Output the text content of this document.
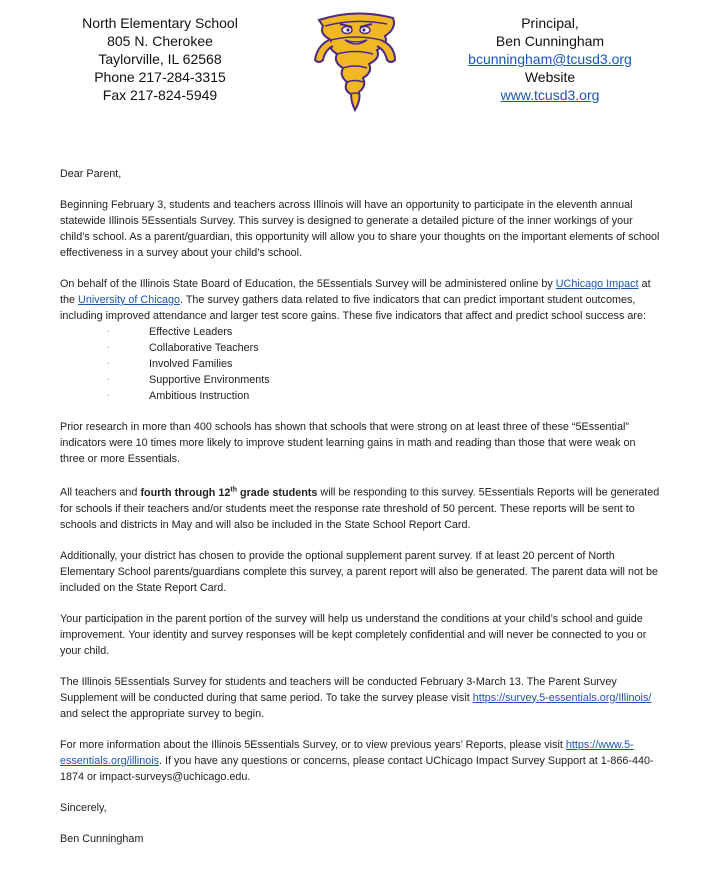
North Elementary School
805 N. Cherokee
Taylorville, IL 62568
Phone 217-284-3315
Fax 217-824-5949
Principal,
Ben Cunningham
bcunningham@tcusd3.org
Website
www.tcusd3.org

Dear Parent,

Beginning February 3, students and teachers across Illinois will have an opportunity to participate in the eleventh annual statewide Illinois 5Essentials Survey. This survey is designed to generate a detailed picture of the inner workings of your child’s school. As a parent/guardian, this opportunity will allow you to share your thoughts on the important elements of school effectiveness in a survey about your child’s school.

On behalf of the Illinois State Board of Education, the 5Essentials Survey will be administered online by UChicago Impact at the University of Chicago. The survey gathers data related to five indicators that can predict important student outcomes, including improved attendance and larger test score gains. These five indicators that affect and predict school success are:

·	Effective Leaders
·	Collaborative Teachers
·	Involved Families
·	Supportive Environments
·	Ambitious Instruction

Prior research in more than 400 schools has shown that schools that were strong on at least three of these “5Essential” indicators were 10 times more likely to improve student learning gains in math and reading than those that were weak on three or more Essentials.

All teachers and fourth through 12th grade students will be responding to this survey. 5Essentials Reports will be generated for schools if their teachers and/or students meet the response rate threshold of 50 percent. These reports will be sent to schools and districts in May and will also be included in the State School Report Card.

Additionally, your district has chosen to provide the optional supplement parent survey. If at least 20 percent of North Elementary School parents/guardians complete this survey, a parent report will also be generated. The parent data will not be included on the State Report Card.

Your participation in the parent portion of the survey will help us understand the conditions at your child’s school and guide improvement. Your identity and survey responses will be kept completely confidential and will never be connected to you or your child.

The Illinois 5Essentials Survey for students and teachers will be conducted February 3-March 13. The Parent Survey Supplement will be conducted during that same period. To take the survey please visit https://survey.5-essentials.org/Illinois/ and select the appropriate survey to begin.

For more information about the Illinois 5Essentials Survey, or to view previous years’ Reports, please visit https://www.5-essentials.org/illinois. If you have any questions or concerns, please contact UChicago Impact Survey Support at 1-866-440-1874 or impact-surveys@uchicago.edu.

Sincerely,

Ben Cunningham
